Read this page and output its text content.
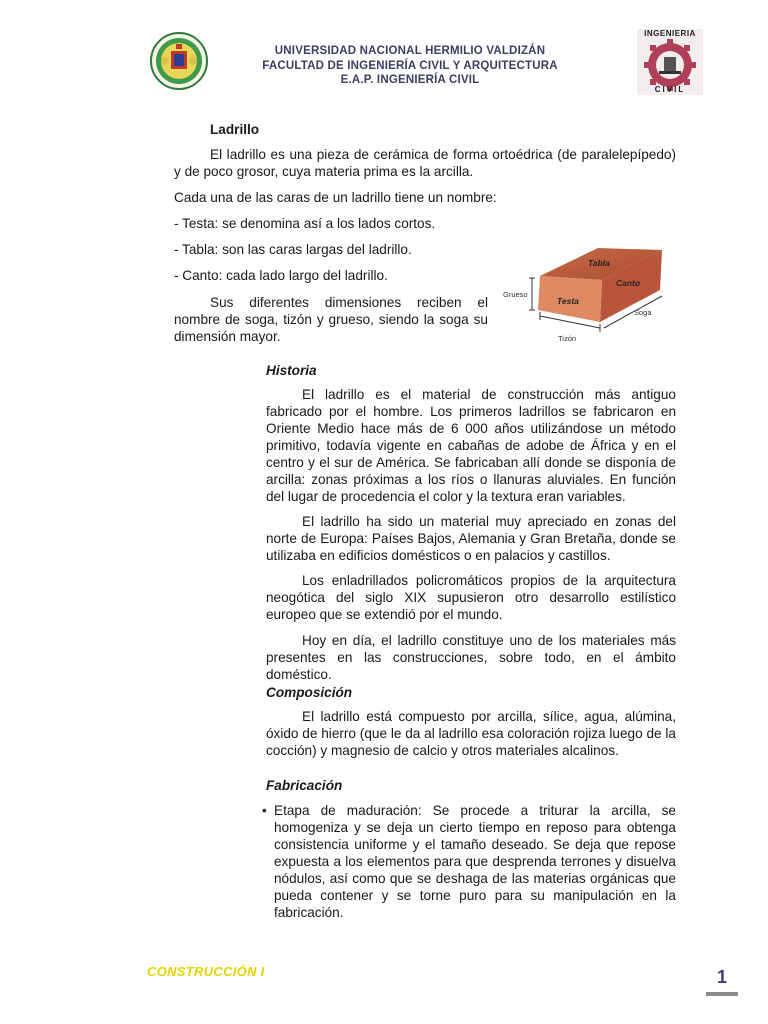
UNIVERSIDAD NACIONAL HERMILIO VALDIZÁN
FACULTAD DE INGENIERÍA CIVIL Y ARQUITECTURA
E.A.P. INGENIERÍA CIVIL
INGENIERIA
CIVIL
Ladrillo
El ladrillo es una pieza de cerámica de forma ortoédrica (de paralelepípedo) y de poco grosor, cuya materia prima es la arcilla.
Cada una de las caras de un ladrillo tiene un nombre:
- Testa: se denomina así a los lados cortos.
- Tabla: son las caras largas del ladrillo.
- Canto: cada lado largo del ladrillo.
Sus diferentes dimensiones reciben el nombre de soga, tizón y grueso, siendo la soga su dimensión mayor.
Tabla
Canto
Testa
Grueso
Soga
Tizón
Historia
El ladrillo es el material de construcción más antiguo fabricado por el hombre. Los primeros ladrillos se fabricaron en Oriente Medio hace más de 6 000 años utilizándose un método primitivo, todavía vigente en cabañas de adobe de África y en el centro y el sur de América. Se fabricaban allí donde se disponía de arcilla: zonas próximas a los ríos o llanuras aluviales. En función del lugar de procedencia el color y la textura eran variables.
El ladrillo ha sido un material muy apreciado en zonas del norte de Europa: Países Bajos, Alemania y Gran Bretaña, donde se utilizaba en edificios domésticos o en palacios y castillos.
Los enladrillados policromáticos propios de la arquitectura neogótica del siglo XIX supusieron otro desarrollo estilístico europeo que se extendió por el mundo.
Hoy en día, el ladrillo constituye uno de los materiales más presentes en las construcciones, sobre todo, en el ámbito doméstico.
Composición
El ladrillo está compuesto por arcilla, sílice, agua, alúmina, óxido de hierro (que le da al ladrillo esa coloración rojiza luego de la cocción) y magnesio de calcio y otros materiales alcalinos.
Fabricación
• Etapa de maduración: Se procede a triturar la arcilla, se homogeniza y se deja un cierto tiempo en reposo para obtenga consistencia uniforme y el tamaño deseado. Se deja que repose expuesta a los elementos para que desprenda terrones y disuelva nódulos, así como que se deshaga de las materias orgánicas que pueda contener y se torne puro para su manipulación en la fabricación.
CONSTRUCCIÓN I	1
